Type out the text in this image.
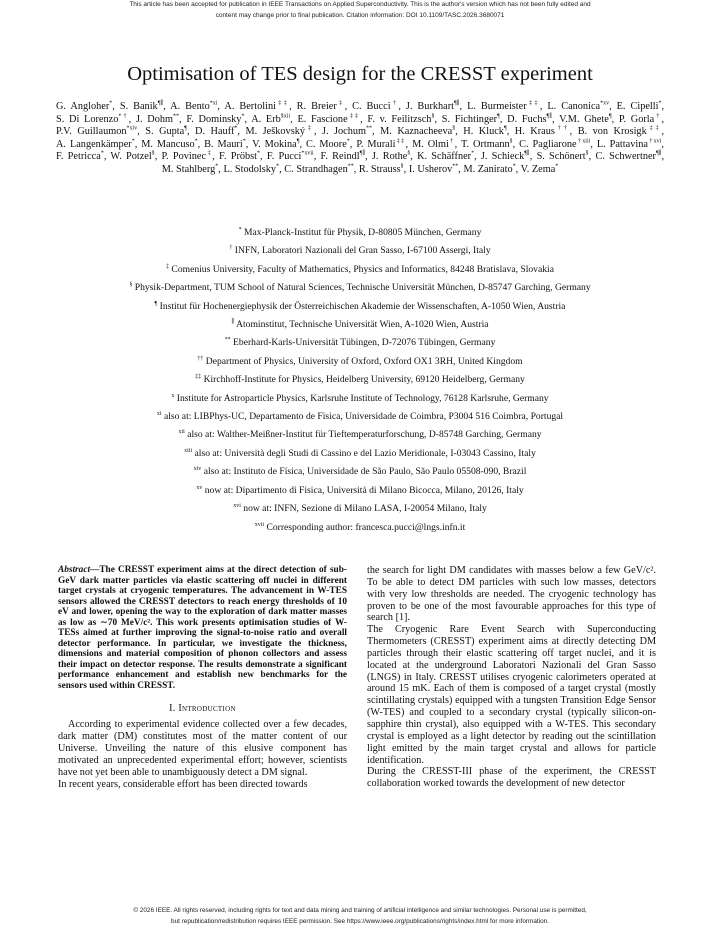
This article has been accepted for publication in IEEE Transactions on Applied Superconductivity. This is the author's version which has not been fully edited and
content may change prior to final publication. Citation information: DOI 10.1109/TASC.2026.3680071
Optimisation of TES design for the CRESST experiment
G. Angloher*, S. Banik¶∥, A. Bento$^{*xi}$, A. Bertolini‡‡, R. Breier‡, C. Bucci†, J. Burkhart¶∥, L. Burmeister‡‡, L. Canonica$^{*xv}$, E. Cipelli*, S. Di Lorenzo*†, J. Dohm**, F. Dominsky*, A. Erb$^{\S xii}$, E. Fascione‡‡, F. v. Feilitzsch§, S. Fichtinger¶, D. Fuchs¶∥, V.M. Ghete¶, P. Gorla†, P.V. Guillaumon$^{*xiv}$, S. Gupta¶, D. Hauff*, M. Ješkovský‡, J. Jochum**, M. Kaznacheeva§, H. Kluck¶, H. Kraus††, B. von Krosigk‡‡, A. Langenkämper*, M. Mancuso*, B. Mauri*, V. Mokina¶, C. Moore*, P. Murali‡‡, M. Olmi†, T. Ortmann§, C. Pagliarone$^{\dagger xiii}$, L. Pattavina$^{\dagger xvi}$, F. Petricca*, W. Potzel§, P. Povinec‡, F. Pröbst*, F. Pucci$^{*xvii}$, F. Reindl¶∥, J. Rothe§, K. Schäffner*, J. Schieck¶∥, S. Schönert§, C. Schwertner¶∥, M. Stahlberg*, L. Stodolsky*, C. Strandhagen**, R. Strauss§, I. Usherov**, M. Zanirato*, V. Zema*
* Max-Planck-Institut für Physik, D-80805 München, Germany
† INFN, Laboratori Nazionali del Gran Sasso, I-67100 Assergi, Italy
‡ Comenius University, Faculty of Mathematics, Physics and Informatics, 84248 Bratislava, Slovakia
§ Physik-Department, TUM School of Natural Sciences, Technische Universität München, D-85747 Garching, Germany
¶ Institut für Hochenergiephysik der Österreichischen Akademie der Wissenschaften, A-1050 Wien, Austria
∥ Atominstitut, Technische Universität Wien, A-1020 Wien, Austria
** Eberhard-Karls-Universität Tübingen, D-72076 Tübingen, Germany
†† Department of Physics, University of Oxford, Oxford OX1 3RH, United Kingdom
‡‡ Kirchhoff-Institute for Physics, Heidelberg University, 69120 Heidelberg, Germany
$^x$ Institute for Astroparticle Physics, Karlsruhe Institute of Technology, 76128 Karlsruhe, Germany
$^{xi}$ also at: LIBPhys-UC, Departamento de Fisica, Universidade de Coimbra, P3004 516 Coimbra, Portugal
$^{xii}$ also at: Walther-Meißner-Institut für Tieftemperaturforschung, D-85748 Garching, Germany
$^{xiii}$ also at: Università degli Studi di Cassino e del Lazio Meridionale, I-03043 Cassino, Italy
$^{xiv}$ also at: Instituto de Física, Universidade de São Paulo, São Paulo 05508-090, Brazil
$^{xv}$ now at: Dipartimento di Fisica, Università di Milano Bicocca, Milano, 20126, Italy
$^{xvi}$ now at: INFN, Sezione di Milano LASA, I-20054 Milano, Italy
$^{xvii}$ Corresponding author: francesca.pucci@lngs.infn.it

Abstract—The CRESST experiment aims at the direct detection of sub-GeV dark matter particles via elastic scattering off nuclei in different target crystals at cryogenic temperatures. The advancement in W-TES sensors allowed the CRESST detectors to reach energy thresholds of 10 eV and lower, opening the way to the exploration of dark matter masses as low as ∼70 MeV/c². This work presents optimisation studies of W-TESs aimed at further improving the signal-to-noise ratio and overall detector performance. In particular, we investigate the thickness, dimensions and material composition of phonon collectors and assess their impact on detector response. The results demonstrate a significant performance enhancement and establish new benchmarks for the sensors used within CRESST.

I. Introduction

According to experimental evidence collected over a few decades, dark matter (DM) constitutes most of the matter content of our Universe. Unveiling the nature of this elusive component has motivated an unprecedented experimental effort; however, scientists have not yet been able to unambiguously detect a DM signal.

In recent years, considerable effort has been directed towards

the search for light DM candidates with masses below a few GeV/c². To be able to detect DM particles with such low masses, detectors with very low thresholds are needed. The cryogenic technology has proven to be one of the most favourable approaches for this type of search [1].

The Cryogenic Rare Event Search with Superconducting Thermometers (CRESST) experiment aims at directly detecting DM particles through their elastic scattering off target nuclei, and it is located at the underground Laboratori Nazionali del Gran Sasso (LNGS) in Italy. CRESST utilises cryogenic calorimeters operated at around 15 mK. Each of them is composed of a target crystal (mostly scintillating crystals) equipped with a tungsten Transition Edge Sensor (W-TES) and coupled to a secondary crystal (typically silicon-on-sapphire thin crystal), also equipped with a W-TES. This secondary crystal is employed as a light detector by reading out the scintillation light emitted by the main target crystal and allows for particle identification.

During the CRESST-III phase of the experiment, the CRESST collaboration worked towards the development of new detector

© 2026 IEEE. All rights reserved, including rights for text and data mining and training of artificial intelligence and similar technologies. Personal use is permitted,
but republication/redistribution requires IEEE permission. See https://www.ieee.org/publications/rights/index.html for more information.
